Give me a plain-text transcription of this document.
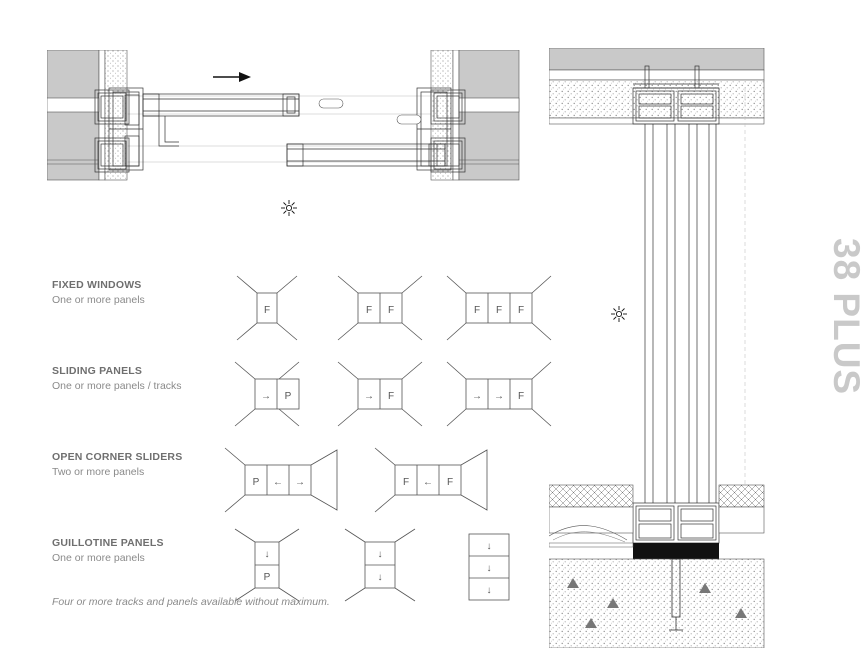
FIXED WINDOWS
One or more panels
F	F F	F F F
SLIDING PANELS
One or more panels / tracks
→ P	→ F	→ → F
OPEN CORNER SLIDERS
Two or more panels
P ← →	F ← F
GUILLOTINE PANELS
One or more panels	↓
P
↓
↓
↓
↓
↓
Four or more tracks and panels available without maximum.
38 PLUS
